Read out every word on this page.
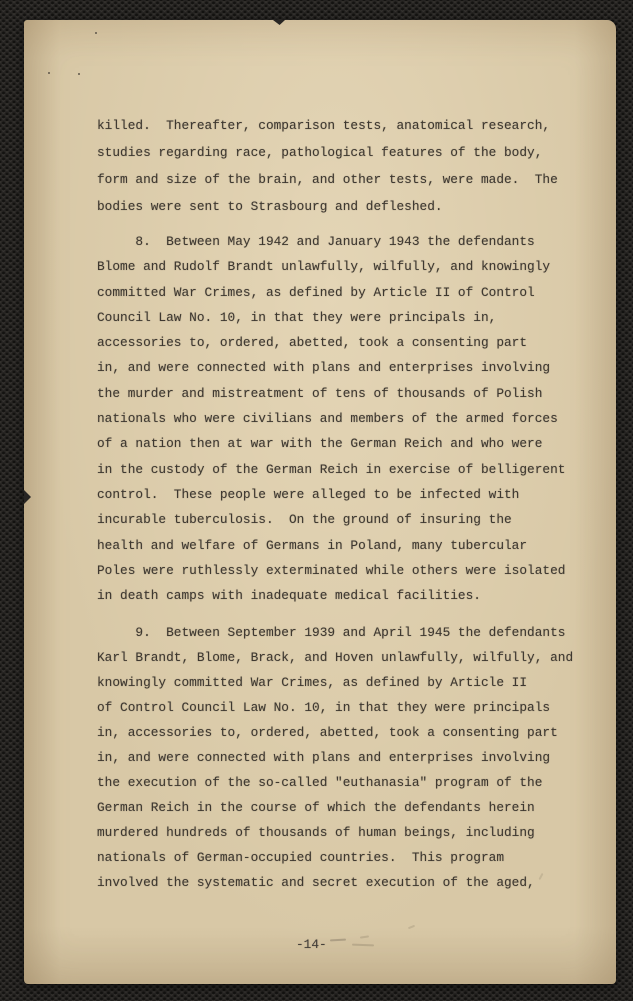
killed.  Thereafter, comparison tests, anatomical research,
studies regarding race, pathological features of the body,
form and size of the brain, and other tests, were made.  The
bodies were sent to Strasbourg and defleshed.
8.  Between May 1942 and January 1943 the defendants
Blome and Rudolf Brandt unlawfully, wilfully, and knowingly
committed War Crimes, as defined by Article II of Control
Council Law No. 10, in that they were principals in,
accessories to, ordered, abetted, took a consenting part
in, and were connected with plans and enterprises involving
the murder and mistreatment of tens of thousands of Polish
nationals who were civilians and members of the armed forces
of a nation then at war with the German Reich and who were
in the custody of the German Reich in exercise of belligerent
control.  These people were alleged to be infected with
incurable tuberculosis.  On the ground of insuring the
health and welfare of Germans in Poland, many tubercular
Poles were ruthlessly exterminated while others were isolated
in death camps with inadequate medical facilities.
9.  Between September 1939 and April 1945 the defendants
Karl Brandt, Blome, Brack, and Hoven unlawfully, wilfully, and
knowingly committed War Crimes, as defined by Article II
of Control Council Law No. 10, in that they were principals
in, accessories to, ordered, abetted, took a consenting part
in, and were connected with plans and enterprises involving
the execution of the so-called "euthanasia" program of the
German Reich in the course of which the defendants herein
murdered hundreds of thousands of human beings, including
nationals of German-occupied countries.  This program
involved the systematic and secret execution of the aged,
-14-
